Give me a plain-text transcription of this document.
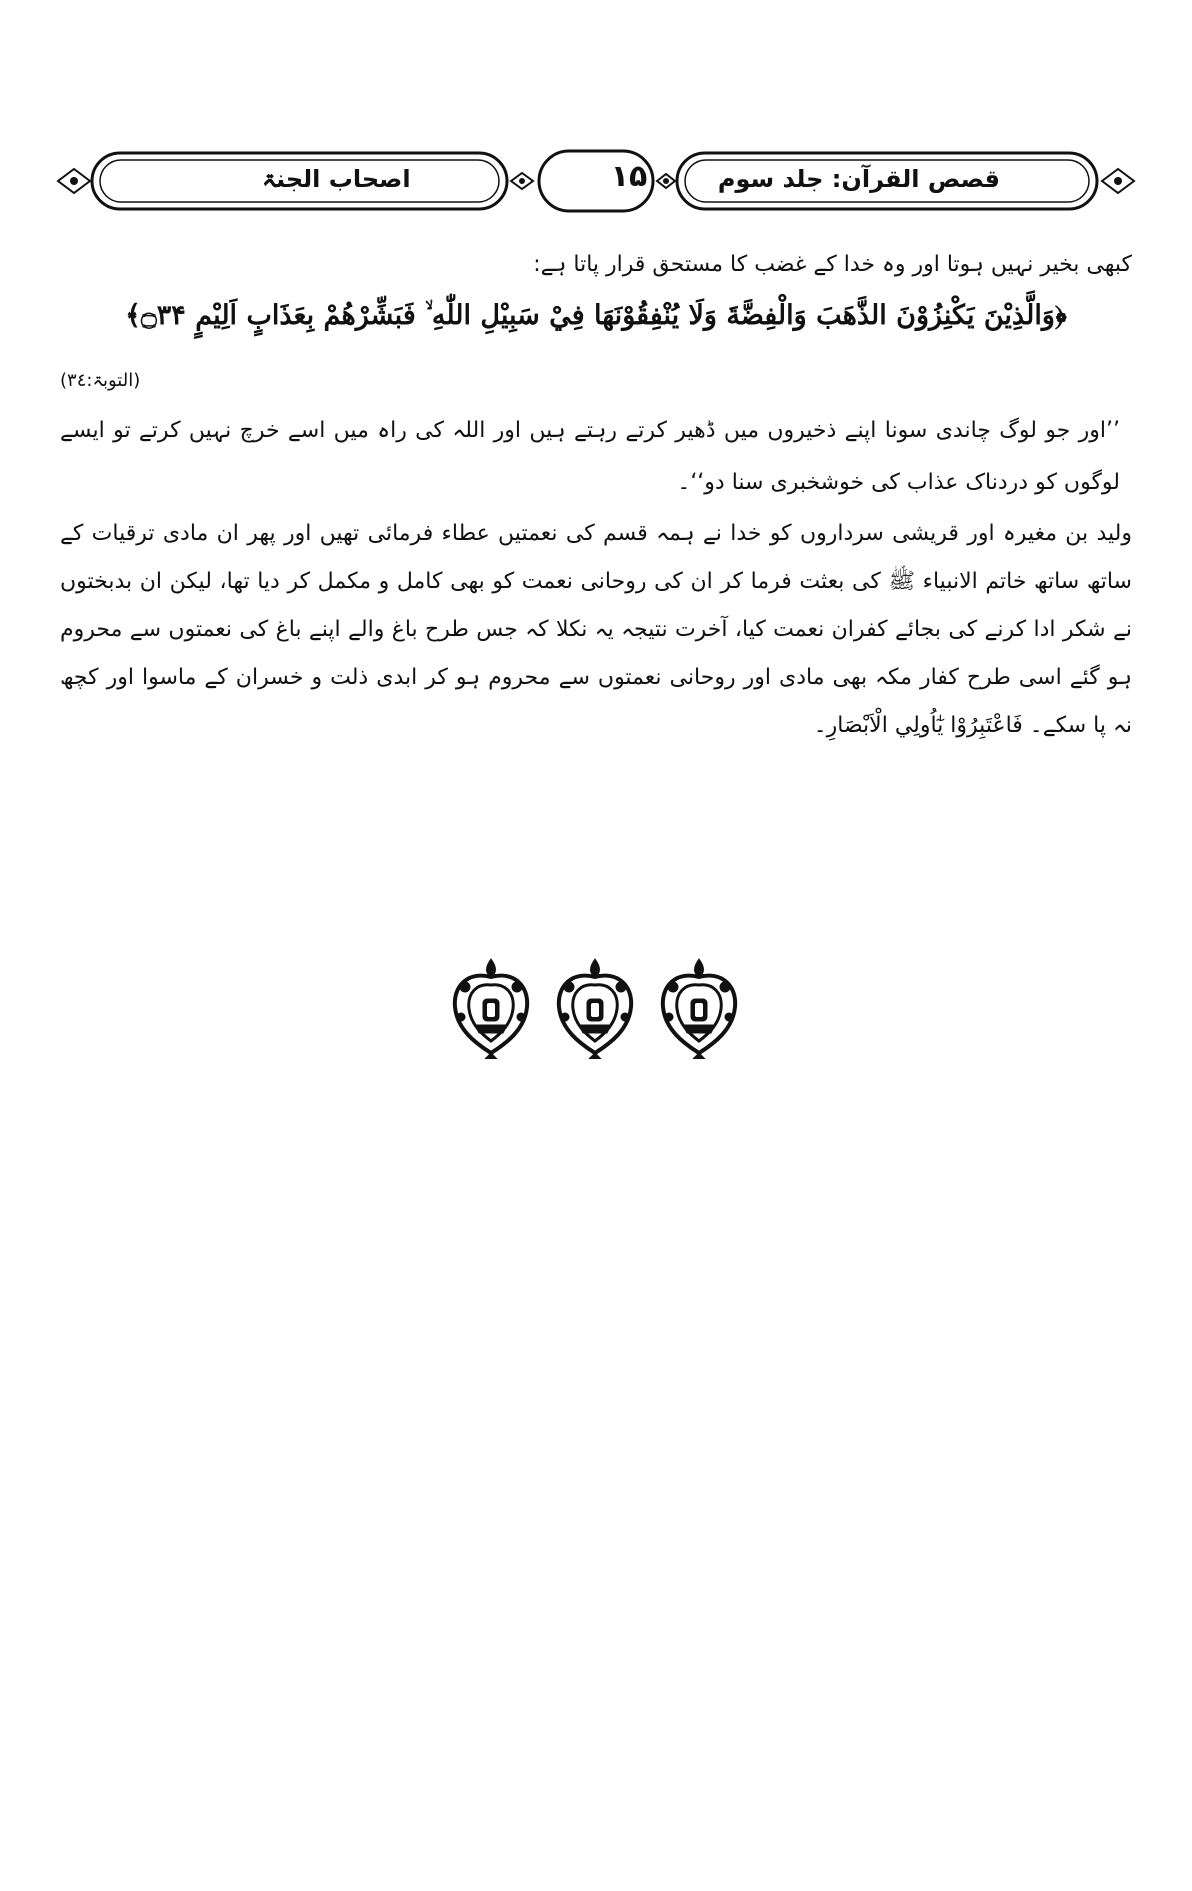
قصص القرآن: جلد سوم
اصحاب الجنۃ	۱۵
کبھی بخیر نہیں ہوتا اور وہ خدا کے غضب کا مستحق قرار پاتا ہے:
﴿وَالَّذِيْنَ يَكْنِزُوْنَ الذَّهَبَ وَالْفِضَّةَ وَلَا يُنْفِقُوْنَهَا فِيْ سَبِيْلِ اللّٰهِ ۙ فَبَشِّرْهُمْ بِعَذَابٍ اَلِيْمٍ ۝۳۴﴾
(التوبۃ:۳٤)
’’اور جو لوگ چاندی سونا اپنے ذخیروں میں ڈھیر کرتے رہتے ہیں اور اللہ کی راہ میں اسے خرچ نہیں کرتے تو ایسے لوگوں کو دردناک عذاب کی خوشخبری سنا دو‘‘۔
ولید بن مغیرہ اور قریشی سرداروں کو خدا نے ہمہ قسم کی نعمتیں عطاء فرمائی تھیں اور پھر ان مادی ترقیات کے ساتھ ساتھ خاتم الانبیاء ﷺ کی بعثت فرما کر ان کی روحانی نعمت کو بھی کامل و مکمل کر دیا تھا، لیکن ان بدبختوں نے شکر ادا کرنے کی بجائے کفران نعمت کیا، آخرت نتیجہ یہ نکلا کہ جس طرح باغ والے اپنے باغ کی نعمتوں سے محروم ہو گئے اسی طرح کفار مکہ بھی مادی اور روحانی نعمتوں سے محروم ہو کر ابدی ذلت و خسران کے ماسوا اور کچھ نہ پا سکے۔ فَاعْتَبِرُوْا يٰٓاُولِي الْاَبْصَارِ۔
